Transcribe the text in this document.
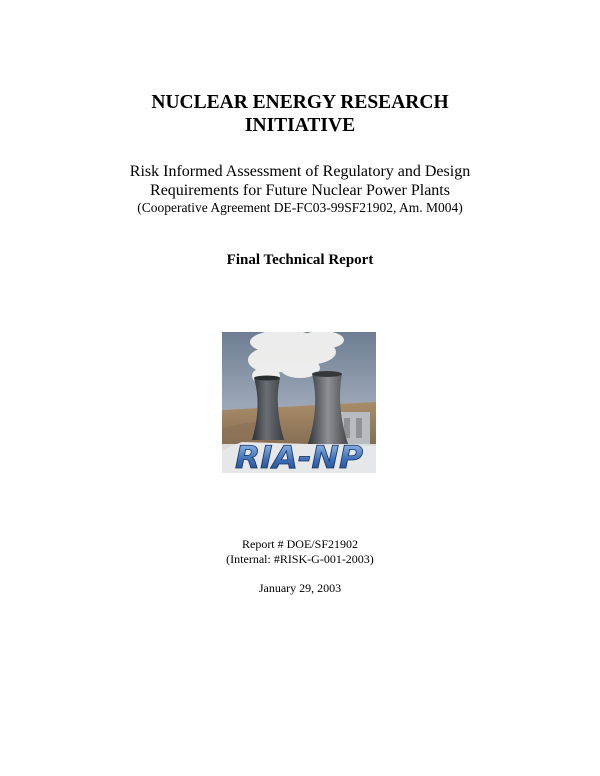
NUCLEAR ENERGY RESEARCH
INITIATIVE
Risk Informed Assessment of Regulatory and Design
Requirements for Future Nuclear Power Plants
(Cooperative Agreement DE-FC03-99SF21902, Am. M004)
Final Technical Report
RIA-NP
Report # DOE/SF21902
(Internal: #RISK-G-001-2003)
January 29, 2003
